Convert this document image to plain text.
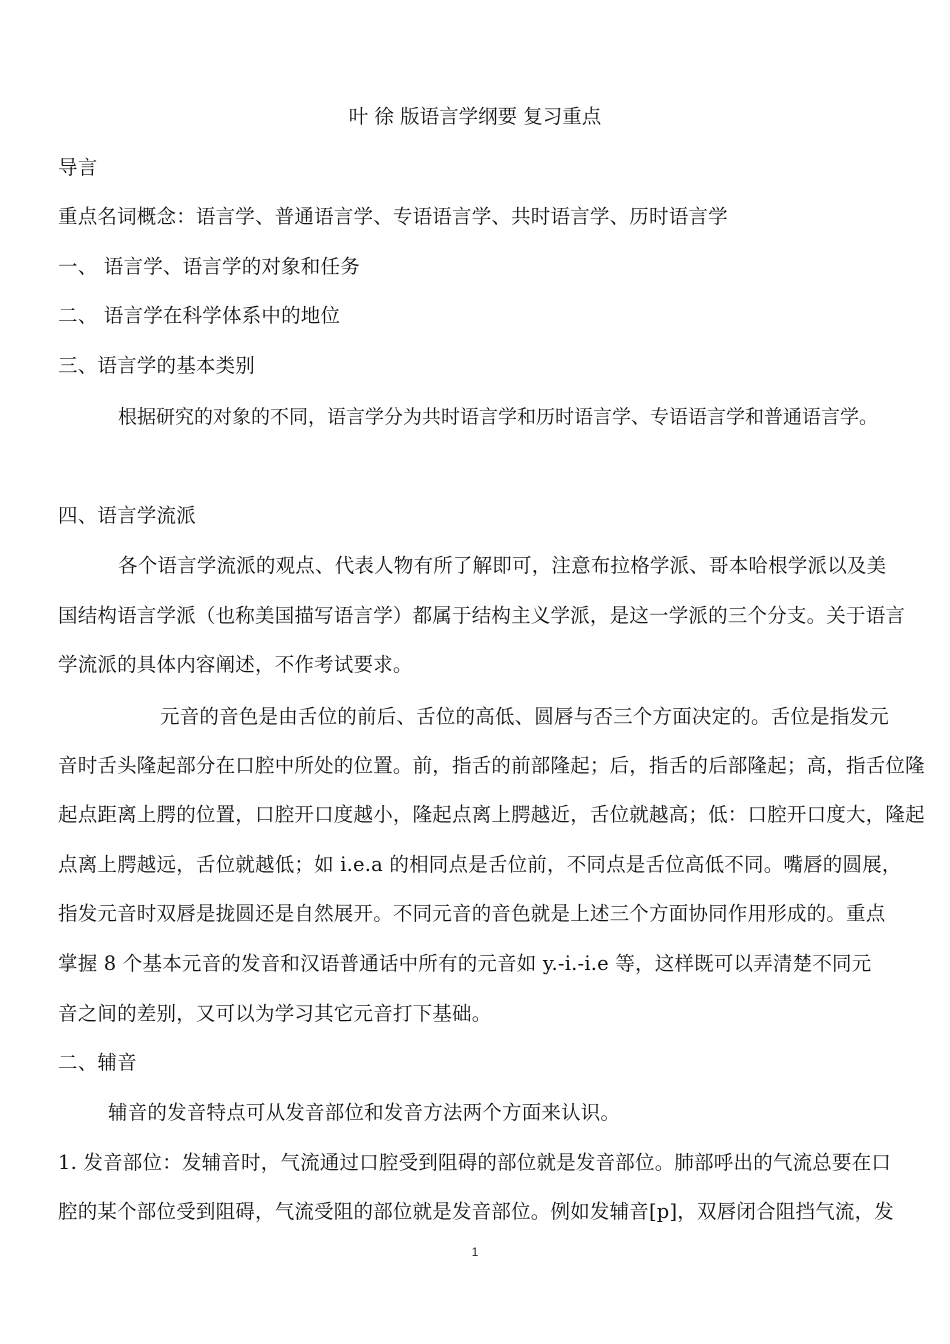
叶 徐 版语言学纲要 复习重点
导言
重点名词概念：语言学、普通语言学、专语语言学、共时语言学、历时语言学
一、 语言学、语言学的对象和任务
二、 语言学在科学体系中的地位
三、语言学的基本类别
根据研究的对象的不同，语言学分为共时语言学和历时语言学、专语语言学和普通语言学。
四、语言学流派
各个语言学流派的观点、代表人物有所了解即可，注意布拉格学派、哥本哈根学派以及美
国结构语言学派（也称美国描写语言学）都属于结构主义学派，是这一学派的三个分支。关于语言
学流派的具体内容阐述，不作考试要求。
元音的音色是由舌位的前后、舌位的高低、圆唇与否三个方面决定的。舌位是指发元
音时舌头隆起部分在口腔中所处的位置。前，指舌的前部隆起；后，指舌的后部隆起；高，指舌位隆
起点距离上腭的位置，口腔开口度越小，隆起点离上腭越近，舌位就越高；低：口腔开口度大，隆起
点离上腭越远，舌位就越低；如 i.e.a 的相同点是舌位前，不同点是舌位高低不同。嘴唇的圆展，
指发元音时双唇是拢圆还是自然展开。不同元音的音色就是上述三个方面协同作用形成的。重点
掌握 8 个基本元音的发音和汉语普通话中所有的元音如 y.-i.-i.e 等，这样既可以弄清楚不同元
音之间的差别，又可以为学习其它元音打下基础。
二、辅音
辅音的发音特点可从发音部位和发音方法两个方面来认识。
1. 发音部位：发辅音时，气流通过口腔受到阻碍的部位就是发音部位。肺部呼出的气流总要在口
腔的某个部位受到阻碍，气流受阻的部位就是发音部位。例如发辅音[p]，双唇闭合阻挡气流，发
1
